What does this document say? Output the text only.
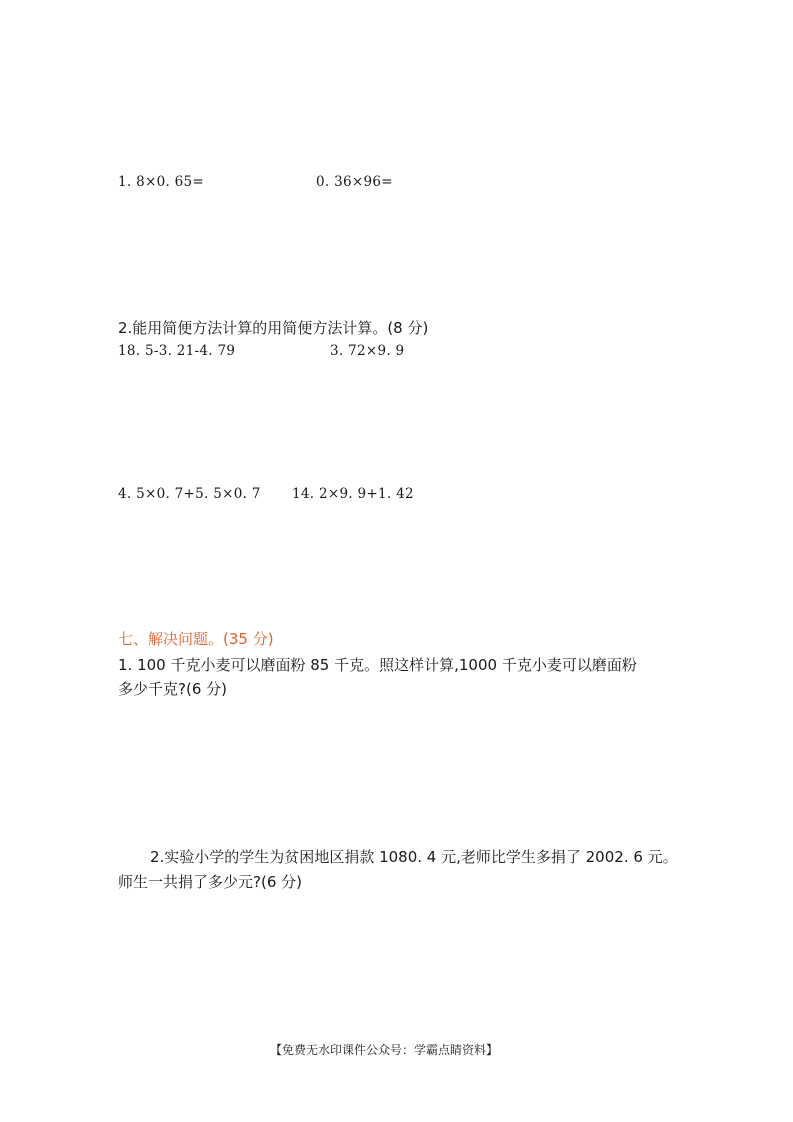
1. 8×0. 65=	0. 36×96=
2.能用简便方法计算的用简便方法计算。(8 分)
18. 5-3. 21-4. 79	3. 72×9. 9
4. 5×0. 7+5. 5×0. 7 14. 2×9. 9+1. 42
七、解决问题。(35 分)
1. 100 千克小麦可以磨面粉 85 千克。照这样计算,1000 千克小麦可以磨面粉
多少千克?(6 分)
2.实验小学的学生为贫困地区捐款 1080. 4 元,老师比学生多捐了 2002. 6 元。
师生一共捐了多少元?(6 分)
【免费无水印课件公众号：学霸点睛资料】
